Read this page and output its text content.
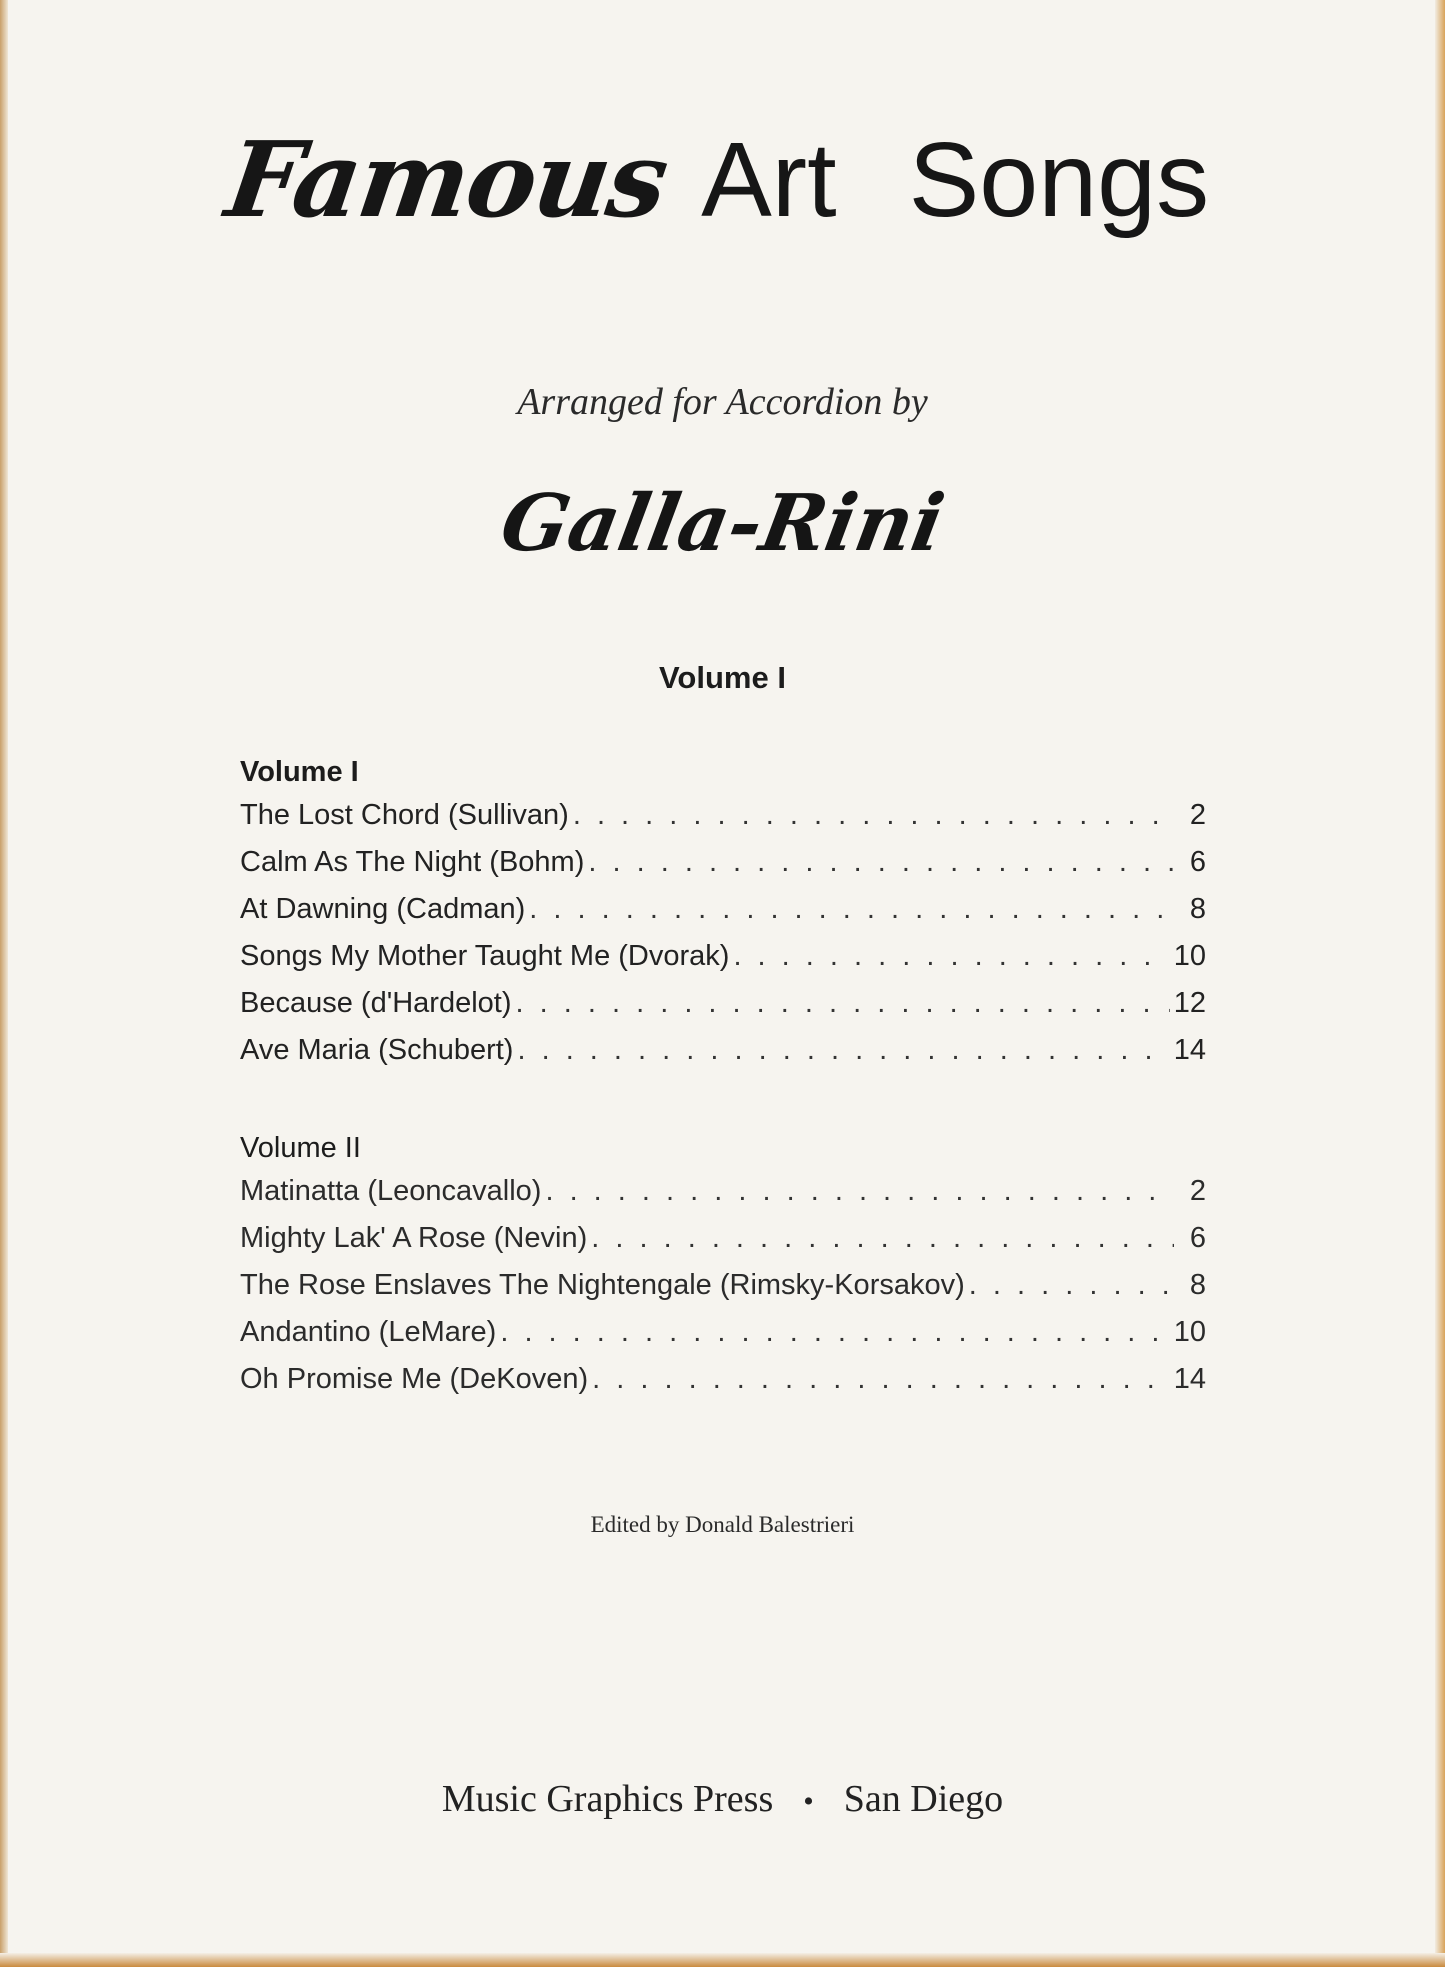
Famous Art Songs
Arranged for Accordion by
Galla-Rini
Volume I
Volume I
The Lost Chord (Sullivan) . . .	2
Calm As The Night (Bohm) . . .	6
At Dawning (Cadman) . . .	8
Songs My Mother Taught Me (Dvorak) . . .	10
Because (d'Hardelot) . . .	12
Ave Maria (Schubert) . . .	14
Volume II
Matinatta (Leoncavallo) . . .	2
Mighty Lak' A Rose (Nevin) . . .	6
The Rose Enslaves The Nightengale (Rimsky-Korsakov) . . .	8
Andantino (LeMare) . . .	10
Oh Promise Me (DeKoven) . . .	14
Edited by Donald Balestrieri
Music Graphics Press • San Diego
